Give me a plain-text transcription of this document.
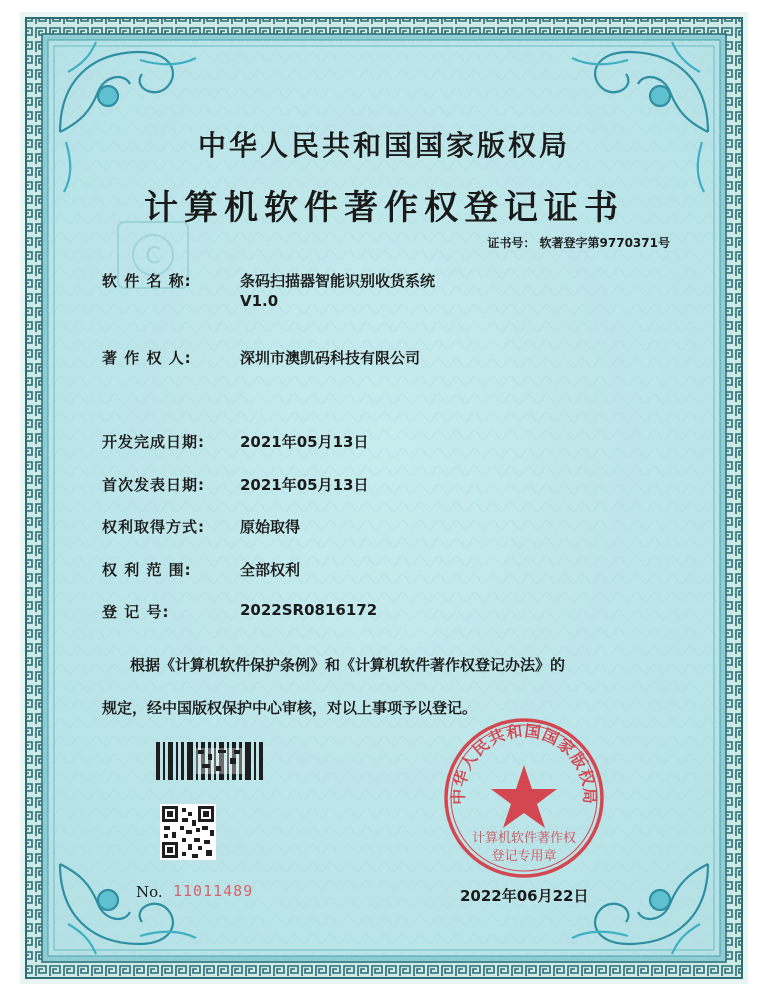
C
中华人民共和国国家版权局
计算机软件著作权
登记专用章
中华人民共和国国家版权局
计算机软件著作权登记证书
证书号： 软著登字第9770371号
软 件 名 称:	条码扫描器智能识别收货系统
V1.0
著 作 权 人:	深圳市澳凯码科技有限公司
开发完成日期: 2021年05月13日
首次发表日期: 2021年05月13日
权利取得方式: 原始取得
权 利 范 围:	全部权利
登 记 号:	2022SR0816172
根据《计算机软件保护条例》和《计算机软件著作权登记办法》的
规定，经中国版权保护中心审核，对以上事项予以登记。
No. 11011489	2022年06月22日
